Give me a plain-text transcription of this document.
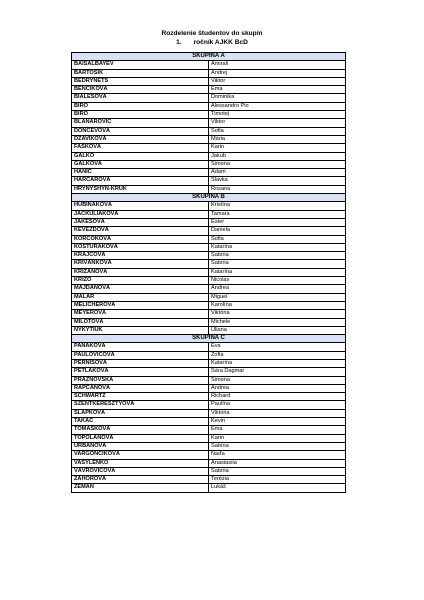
Rozdelenie študentov do skupín
1. ročník AJKK BcD
SKUPINA A	
BAISALBAYEV	Amirali
BARTOŠÍK	Andrej
BEDRYNETS	Viktor
BENČÍKOVÁ	Ema
BIALEŠOVÁ	Dominika
BIRO	Alessandro Pio
BÍRÓ	Timotej
BLANAROVIČ	Viktor
DONČEVOVÁ	Sofia
DŽAVÍKOVÁ	Mária
FAŠKOVÁ	Karin
GALKO	Jakub
GALKOVÁ	Simona
HANIC	Adam
HARČÁROVÁ	Slavka
HRYNYSHYN-KRUK	Rosana
SKUPINA B	
HUBINÁKOVÁ	Kristína
JACKULIAKOVÁ	Tamara
JAKEŠOVÁ	Ester
KEVEŽDOVÁ	Daniela
KORČOKOVÁ	Sofia
KOSTURÁKOVÁ	Katarína
KRAJCOVÁ	Sabína
KRIVÁŇKOVÁ	Sabína
KRIŽANOVÁ	Katarína
KRIŽO	Nicolas
MAJDANOVÁ	Andrea
MALÁR	Miguel
MELICHEROVÁ	Karolína
MEYEROVÁ	Viktória
MILOTOVÁ	Michele
NYKYTIUK	Uliana
SKUPINA C	
PANÁKOVÁ	Eva
PAULOVIČOVÁ	Žofia
PERNIŠOVÁ	Katarína
PETLÁKOVÁ	Sára Dagmar
PRÁZNOVSKÁ	Simona
RAPČANOVÁ	Andrea
SCHWARTZ	Richard
SZENTKERESZTYOVÁ	Paulína
ŠLAPKOVÁ	Viktória
TAKÁČ	Kevin
TOMÁŠKOVÁ	Ema
TOPOLANOVÁ	Karin
URBANOVÁ	Sabína
VARGONČÍKOVÁ	Naďa
VASYLENKO	Anastasiia
VÁVROVIČOVÁ	Sabína
ZÁHOROVÁ	Terézia
ZEMAN	Lukáš
